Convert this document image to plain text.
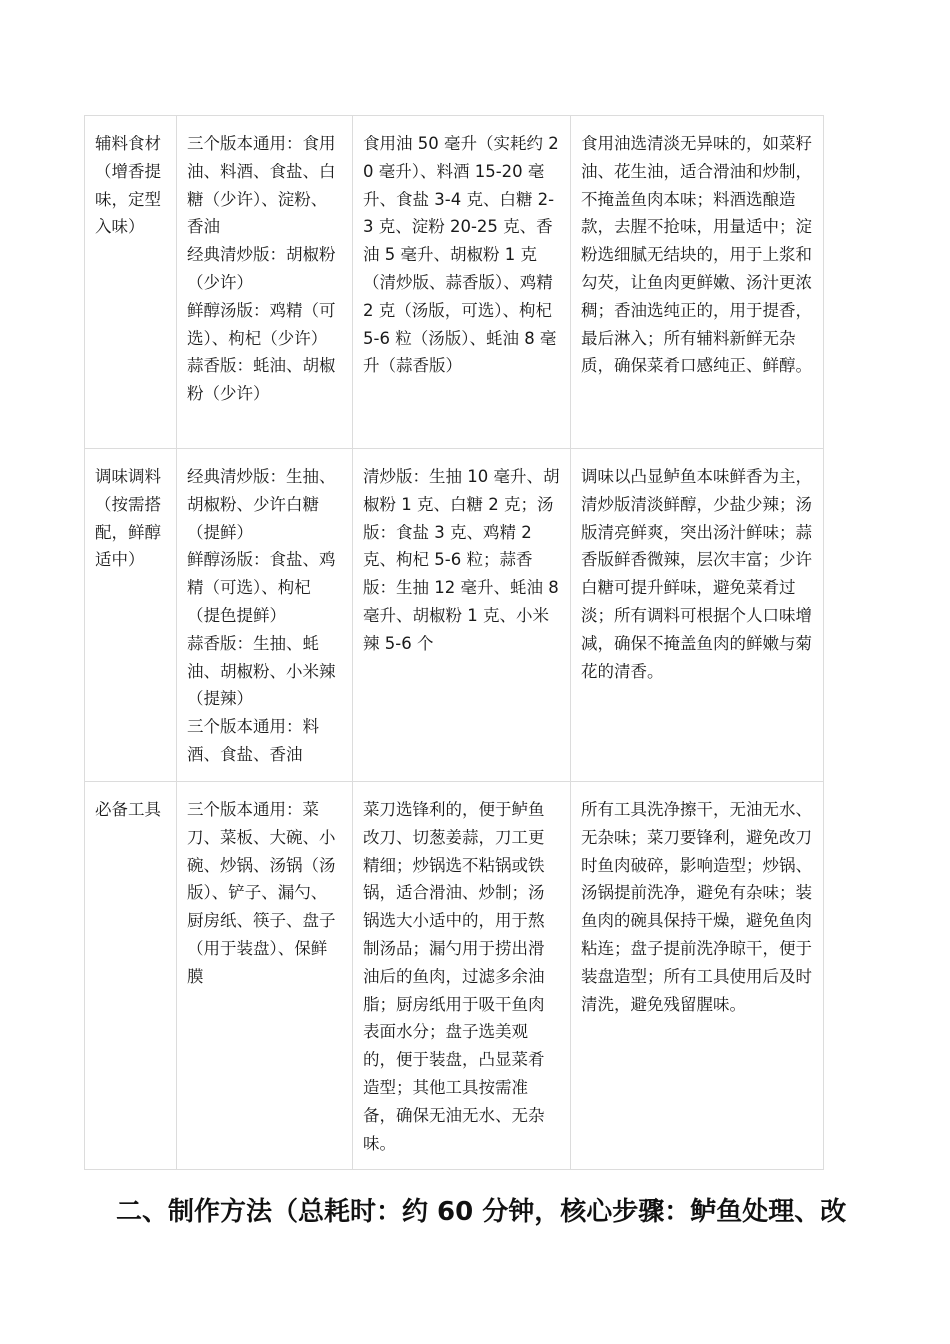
辅料食材（增香提味，定型入味）	三个版本通用：食用油、料酒、食盐、白糖（少许）、淀粉、香油
经典清炒版：胡椒粉（少许）
鲜醇汤版：鸡精（可选）、枸杞（少许）
蒜香版：蚝油、胡椒粉（少许）	食用油 50 毫升（实耗约 20 毫升）、料酒 15-20 毫升、食盐 3-4 克、白糖 2-3 克、淀粉 20-25 克、香油 5 毫升、胡椒粉 1 克（清炒版、蒜香版）、鸡精 2 克（汤版，可选）、枸杞 5-6 粒（汤版）、蚝油 8 毫升（蒜香版）	食用油选清淡无异味的，如菜籽油、花生油，适合滑油和炒制，不掩盖鱼肉本味；料酒选酿造款，去腥不抢味，用量适中；淀粉选细腻无结块的，用于上浆和勾芡，让鱼肉更鲜嫩、汤汁更浓稠；香油选纯正的，用于提香，最后淋入；所有辅料新鲜无杂质，确保菜肴口感纯正、鲜醇。
调味调料（按需搭配，鲜醇适中）	经典清炒版：生抽、胡椒粉、少许白糖（提鲜）
鲜醇汤版：食盐、鸡精（可选）、枸杞（提色提鲜）
蒜香版：生抽、蚝油、胡椒粉、小米辣（提辣）
三个版本通用：料酒、食盐、香油	清炒版：生抽 10 毫升、胡椒粉 1 克、白糖 2 克；汤版：食盐 3 克、鸡精 2 克、枸杞 5-6 粒；蒜香版：生抽 12 毫升、蚝油 8 毫升、胡椒粉 1 克、小米辣 5-6 个	调味以凸显鲈鱼本味鲜香为主，清炒版清淡鲜醇，少盐少辣；汤版清亮鲜爽，突出汤汁鲜味；蒜香版鲜香微辣，层次丰富；少许白糖可提升鲜味，避免菜肴过淡；所有调料可根据个人口味增减，确保不掩盖鱼肉的鲜嫩与菊花的清香。
必备工具	三个版本通用：菜刀、菜板、大碗、小碗、炒锅、汤锅（汤版）、铲子、漏勺、厨房纸、筷子、盘子（用于装盘）、保鲜膜	菜刀选锋利的，便于鲈鱼改刀、切葱姜蒜，刀工更精细；炒锅选不粘锅或铁锅，适合滑油、炒制；汤锅选大小适中的，用于熬制汤品；漏勺用于捞出滑油后的鱼肉，过滤多余油脂；厨房纸用于吸干鱼肉表面水分；盘子选美观的，便于装盘，凸显菜肴造型；其他工具按需准备，确保无油无水、无杂味。	所有工具洗净擦干，无油无水、无杂味；菜刀要锋利，避免改刀时鱼肉破碎，影响造型；炒锅、汤锅提前洗净，避免有杂味；装鱼肉的碗具保持干燥，避免鱼肉粘连；盘子提前洗净晾干，便于装盘造型；所有工具使用后及时清洗，避免残留腥味。
二、制作方法（总耗时：约 60 分钟，核心步骤：鲈鱼处理、改
